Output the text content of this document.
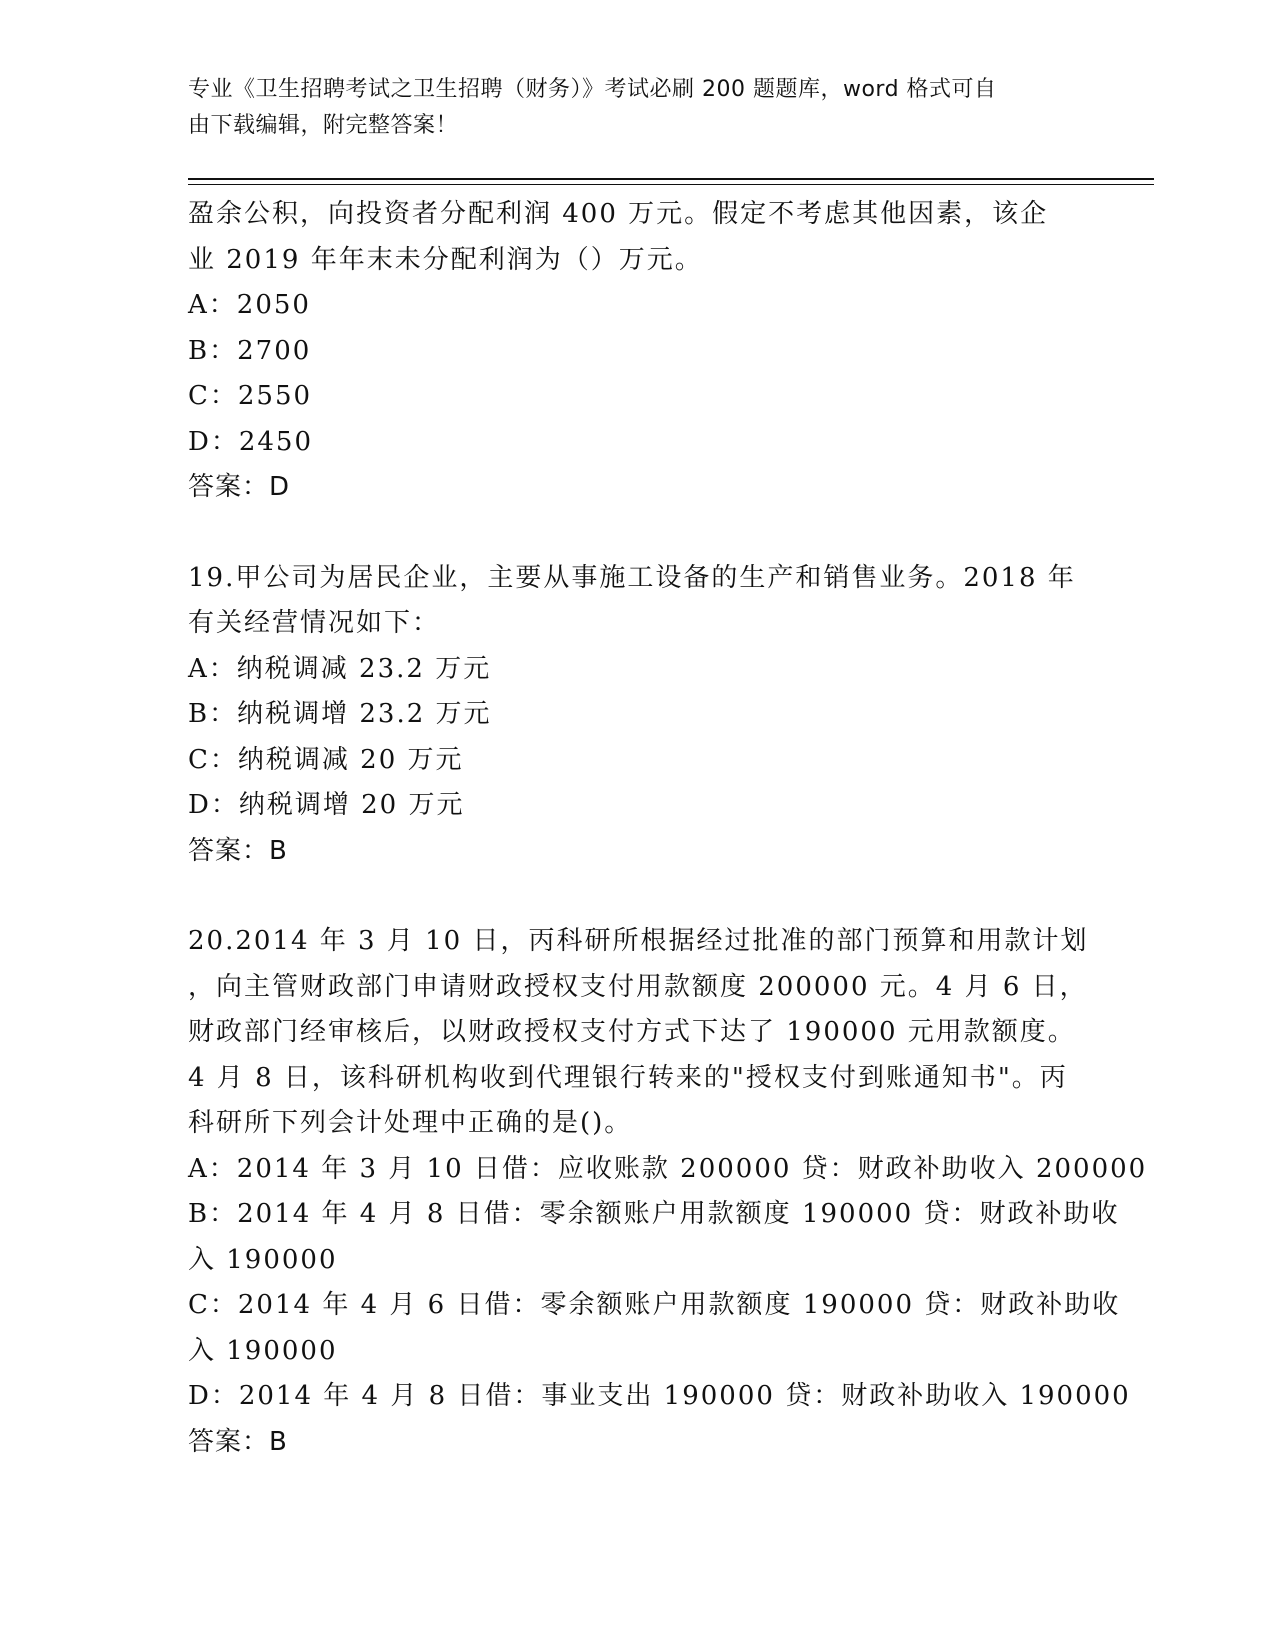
专业《卫生招聘考试之卫生招聘（财务）》考试必刷 200 题题库，word 格式可自
由下载编辑，附完整答案！
盈余公积，向投资者分配利润 400 万元。假定不考虑其他因素，该企
业 2019 年年末未分配利润为（）万元。
A：2050
B：2700
C：2550
D：2450
答案：D
19.甲公司为居民企业，主要从事施工设备的生产和销售业务。2018 年
有关经营情况如下：
A：纳税调减 23.2 万元
B：纳税调增 23.2 万元
C：纳税调减 20 万元
D：纳税调增 20 万元
答案：B
20.2014 年 3 月 10 日，丙科研所根据经过批准的部门预算和用款计划
，向主管财政部门申请财政授权支付用款额度 200000 元。4 月 6 日，
财政部门经审核后，以财政授权支付方式下达了 190000 元用款额度。
4 月 8 日，该科研机构收到代理银行转来的"授权支付到账通知书"。丙
科研所下列会计处理中正确的是()。
A：2014 年 3 月 10 日借：应收账款 200000 贷：财政补助收入 200000
B：2014 年 4 月 8 日借：零余额账户用款额度 190000 贷：财政补助收
入 190000
C：2014 年 4 月 6 日借：零余额账户用款额度 190000 贷：财政补助收
入 190000
D：2014 年 4 月 8 日借：事业支出 190000 贷：财政补助收入 190000
答案：B
